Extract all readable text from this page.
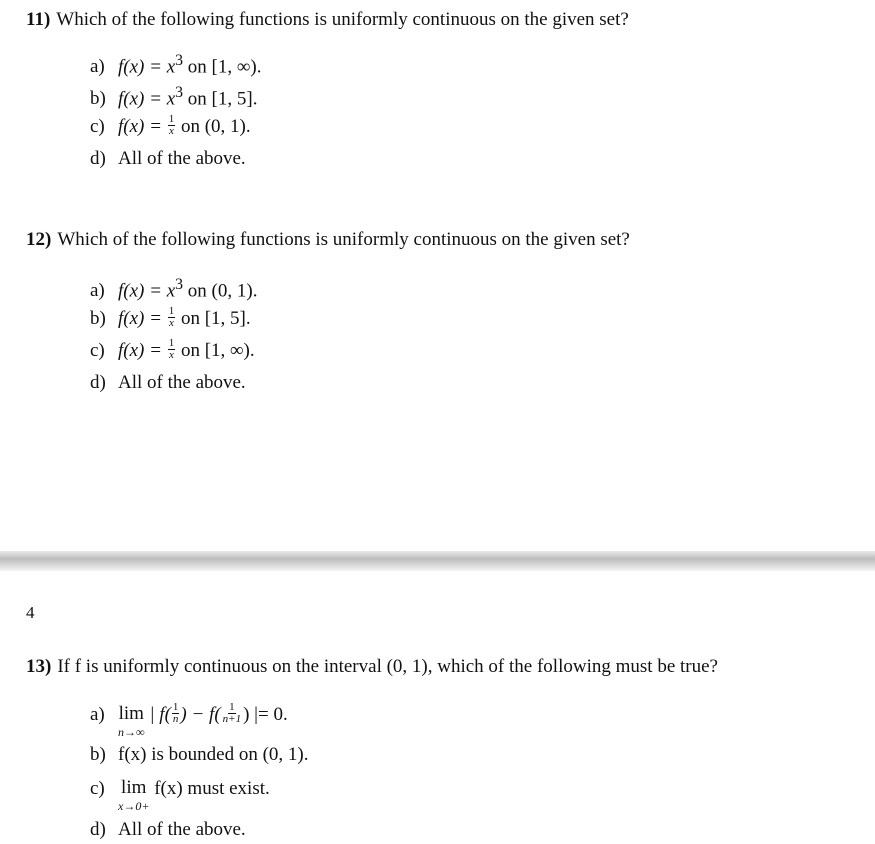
11) Which of the following functions is uniformly continuous on the given set?

a) $f(x) = x^3$ on [1, ∞).
b) $f(x) = x^3$ on [1, 5].
c) $f(x) = \frac{1}{x}$ on (0, 1).
d) All of the above.

12) Which of the following functions is uniformly continuous on the given set?

a) $f(x) = x^3$ on (0, 1).
b) $f(x) = \frac{1}{x}$ on [1, 5].
c) $f(x) = \frac{1}{x}$ on [1, ∞).
d) All of the above.
4

13) If f is uniformly continuous on the interval (0, 1), which of the following must be true?

a) lim
n→∞
| $f( \frac{1}{n}$ ) − $f( \frac{1}{n+1}$ ) |= 0.
b) f(x) is bounded on (0, 1).
c) lim
x→0+
f(x) must exist.
d) All of the above.
